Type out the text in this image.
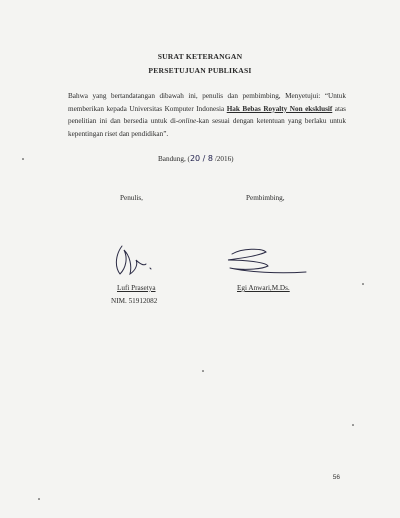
SURAT KETERANGAN
PERSETUJUAN PUBLIKASI

Bahwa yang bertandatangan dibawah ini, penulis dan pembimbing, Menyetujui: “Untuk memberikan kepada Universitas Komputer Indonesia Hak Bebas Royalty Non eksklusif atas penelitian ini dan bersedia untuk di-online-kan sesuai dengan ketentuan yang berlaku untuk kepentingan riset dan pendidikan”.

Bandung, (20 / 8 /2016)
Penulis,	Pembimbing,
Lufi Prasetya
NIM. 51912082
Egi Anwari,M.Ds.
56
